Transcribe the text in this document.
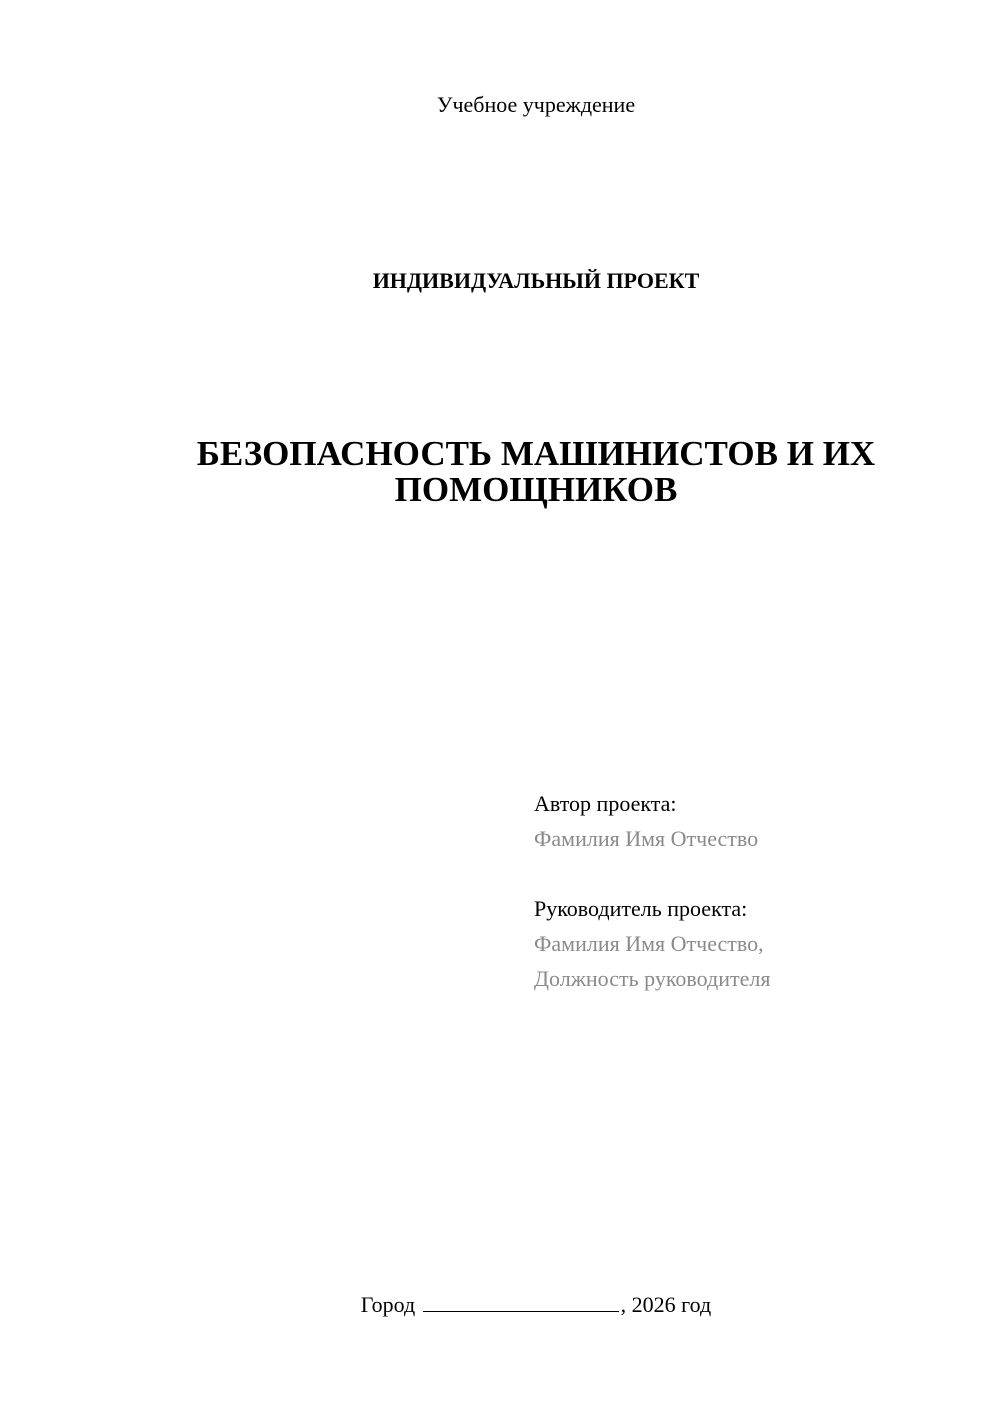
Учебное учреждение
ИНДИВИДУАЛЬНЫЙ ПРОЕКТ
БЕЗОПАСНОСТЬ МАШИНИСТОВ И ИХ
ПОМОЩНИКОВ
Автор проекта:
Фамилия Имя Отчество
Руководитель проекта:
Фамилия Имя Отчество,
Должность руководителя
Город	, 2026 год
